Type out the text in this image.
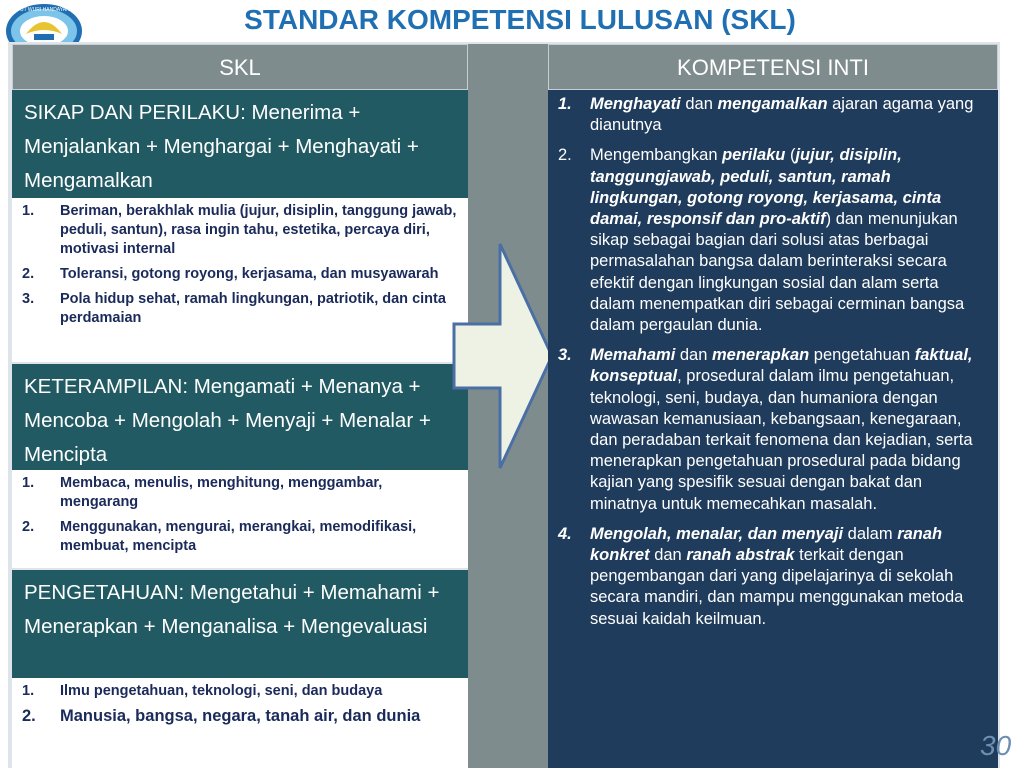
TUT WURI HANDAYANI	STANDAR KOMPETENSI LULUSAN (SKL)
SKL	KOMPETENSI INTI
SIKAP DAN PERILAKU: Menerima + Menjalankan + Menghargai + Menghayati + Mengamalkan
1. Beriman, berakhlak mulia (jujur, disiplin, tanggung jawab, peduli, santun), rasa ingin tahu, estetika, percaya diri, motivasi internal
2. Toleransi, gotong royong, kerjasama, dan musyawarah
3. Pola hidup sehat, ramah lingkungan, patriotik, dan cinta perdamaian
KETERAMPILAN: Mengamati + Menanya + Mencoba + Mengolah + Menyaji + Menalar + Mencipta
1. Membaca, menulis, menghitung, menggambar, mengarang
2. Menggunakan, mengurai, merangkai, memodifikasi, membuat, mencipta
PENGETAHUAN: Mengetahui + Memahami + Menerapkan + Menganalisa + Mengevaluasi
1. Ilmu pengetahuan, teknologi, seni, dan budaya
2. Manusia, bangsa, negara, tanah air, dan dunia
1. Menghayati dan mengamalkan ajaran agama yang dianutnya
2. Mengembangkan perilaku (jujur, disiplin, tanggungjawab, peduli, santun, ramah lingkungan, gotong royong, kerjasama, cinta damai, responsif dan pro-aktif) dan menunjukan sikap sebagai bagian dari solusi atas berbagai permasalahan bangsa dalam berinteraksi secara efektif dengan lingkungan sosial dan alam serta dalam menempatkan diri sebagai cerminan bangsa dalam pergaulan dunia.
3. Memahami dan menerapkan pengetahuan faktual, konseptual, prosedural dalam ilmu pengetahuan, teknologi, seni, budaya, dan humaniora dengan wawasan kemanusiaan, kebangsaan, kenegaraan, dan peradaban terkait fenomena dan kejadian, serta menerapkan pengetahuan prosedural pada bidang kajian yang spesifik sesuai dengan bakat dan minatnya untuk memecahkan masalah.
4. Mengolah, menalar, dan menyaji dalam ranah konkret dan ranah abstrak terkait dengan pengembangan dari yang dipelajarinya di sekolah secara mandiri, dan mampu menggunakan metoda sesuai kaidah keilmuan.
30
